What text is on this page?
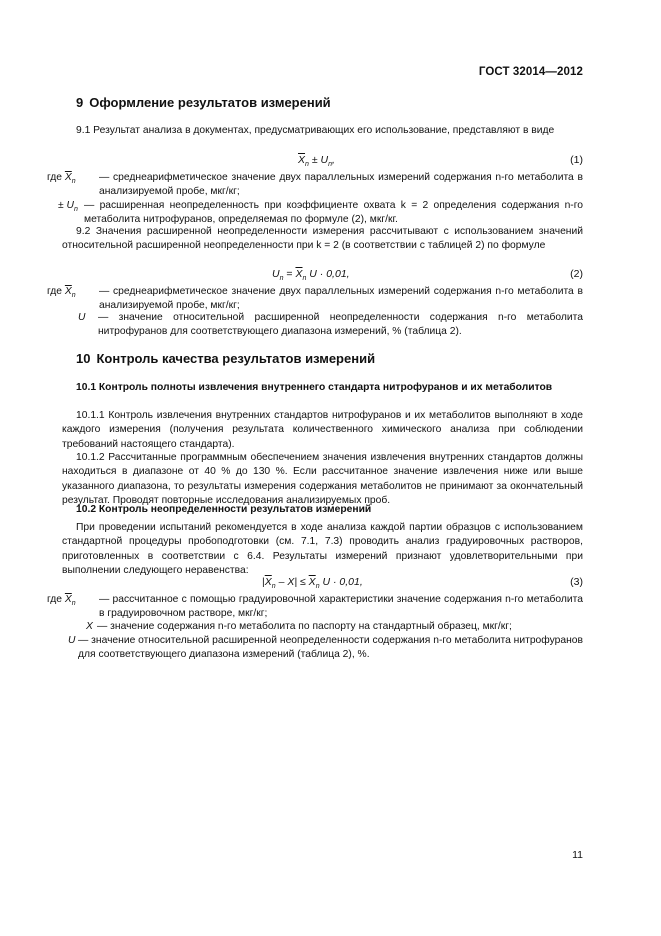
ГОСТ 32014—2012
9 Оформление результатов измерений
9.1 Результат анализа в документах, предусматривающих его использование, представляют в виде
$\overline{X}_n \pm U_n$,	(1)
где $\overline{X}_n$ — среднеарифметическое значение двух параллельных измерений содержания n-го метаболита в анализируемой пробе, мкг/кг;
± $U_n$ — расширенная неопределенность при коэффициенте охвата k = 2 определения содержания n-го метаболита нитрофуранов, определяемая по формуле (2), мкг/кг.
9.2 Значения расширенной неопределенности измерения рассчитывают с использованием значений относительной расширенной неопределенности при k = 2 (в соответствии с таблицей 2) по формуле
$U_n = \overline{X}_n$ U · 0,01,	(2)
где $\overline{X}_n$ — среднеарифметическое значение двух параллельных измерений содержания n-го метаболита в анализируемой пробе, мкг/кг;
U — значение относительной расширенной неопределенности содержания n-го метаболита нитрофуранов для соответствующего диапазона измерений, % (таблица 2).
10 Контроль качества результатов измерений
10.1 Контроль полноты извлечения внутреннего стандарта нитрофуранов и их метаболитов
10.1.1 Контроль извлечения внутренних стандартов нитрофуранов и их метаболитов выполняют в ходе каждого измерения (получения результата количественного химического анализа при соблюдении требований настоящего стандарта).
10.1.2 Рассчитанные программным обеспечением значения извлечения внутренних стандартов должны находиться в диапазоне от 40 % до 130 %. Если рассчитанное значение извлечения ниже или выше указанного диапазона, то результаты измерения содержания метаболитов не принимают за окончательный результат. Проводят повторные исследования анализируемых проб.
10.2 Контроль неопределенности результатов измерений
При проведении испытаний рекомендуется в ходе анализа каждой партии образцов с использованием стандартной процедуры пробоподготовки (см. 7.1, 7.3) проводить анализ градуировочных растворов, приготовленных в соответствии с 6.4. Результаты измерений признают удовлетворительными при выполнении следующего неравенства:
$|\overline{X}_n - X| \le \overline{X}_n$ U · 0,01,	(3)
где $\overline{X}_n$ — рассчитанное с помощью градуировочной характеристики значение содержания n-го метаболита в градуировочном растворе, мкг/кг;
X — значение содержания n-го метаболита по паспорту на стандартный образец, мкг/кг;
U — значение относительной расширенной неопределенности содержания n-го метаболита нитрофуранов для соответствующего диапазона измерений (таблица 2), %.
11
